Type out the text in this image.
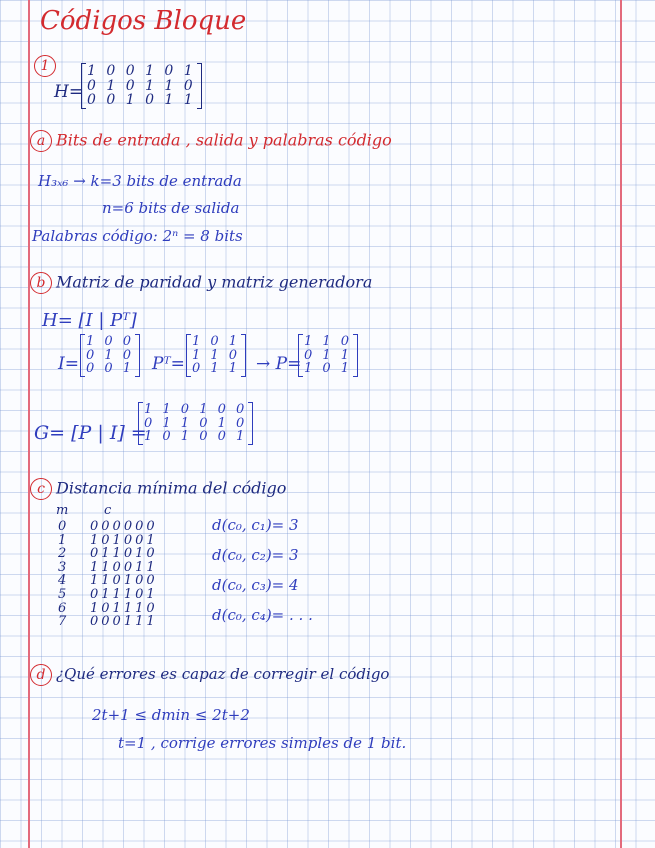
Códigos Bloque
1
H=
1 0 0 1 0 1
0 1 0 1 1 0
0 0 1 0 1 1
a Bits de entrada , salida y palabras código
H₃ₓ₆ → k=3 bits de entrada
n=6 bits de salida
Palabras código: 2ⁿ = 8 bits
b Matriz de paridad y matriz generadora
H= [I | Pᵀ]
I=
1 0 0
0 1 0
0 0 1 Pᵀ=
1 0 1
1 1 0
0 1 1 → P=
1 1 0
0 1 1
1 0 1
G= [P | I] =
1 1 0 1 0 0
0 1 1 0 1 0
1 0 1 0 0 1
c Distancia mínima del código
m	c
0
1
2
3
4
5
6
7
000000
101001
011010
110011
110100
011101
101110
000111
d(c₀, c₁)= 3
d(c₀, c₂)= 3
d(c₀, c₃)= 4
d(c₀, c₄)= . . .
d ¿Qué errores es capaz de corregir el código
2t+1 ≤ dmin ≤ 2t+2
t=1 , corrige errores simples de 1 bit.
